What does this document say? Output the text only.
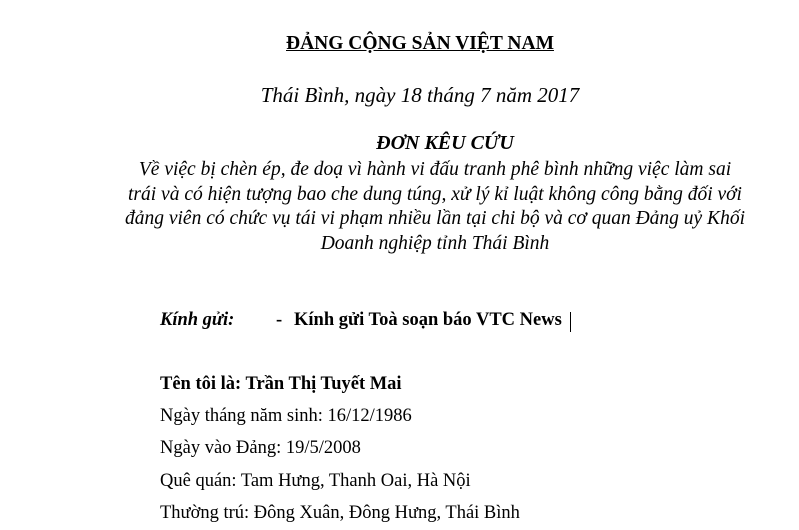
ĐẢNG CỘNG SẢN VIỆT NAM
Thái Bình, ngày 18 tháng 7 năm 2017
ĐƠN KÊU CỨU
Về việc bị chèn ép, đe doạ vì hành vi đấu tranh phê bình những việc làm sai
trái và có hiện tượng bao che dung túng, xử lý kỉ luật không công bằng đối với
đảng viên có chức vụ tái vi phạm nhiều lần tại chi bộ và cơ quan Đảng uỷ Khối
Doanh nghiệp tỉnh Thái Bình
Kính gửi: - Kính gửi Toà soạn báo VTC News
Tên tôi là: Trần Thị Tuyết Mai
Ngày tháng năm sinh: 16/12/1986
Ngày vào Đảng: 19/5/2008
Quê quán: Tam Hưng, Thanh Oai, Hà Nội
Thường trú: Đông Xuân, Đông Hưng, Thái Bình
